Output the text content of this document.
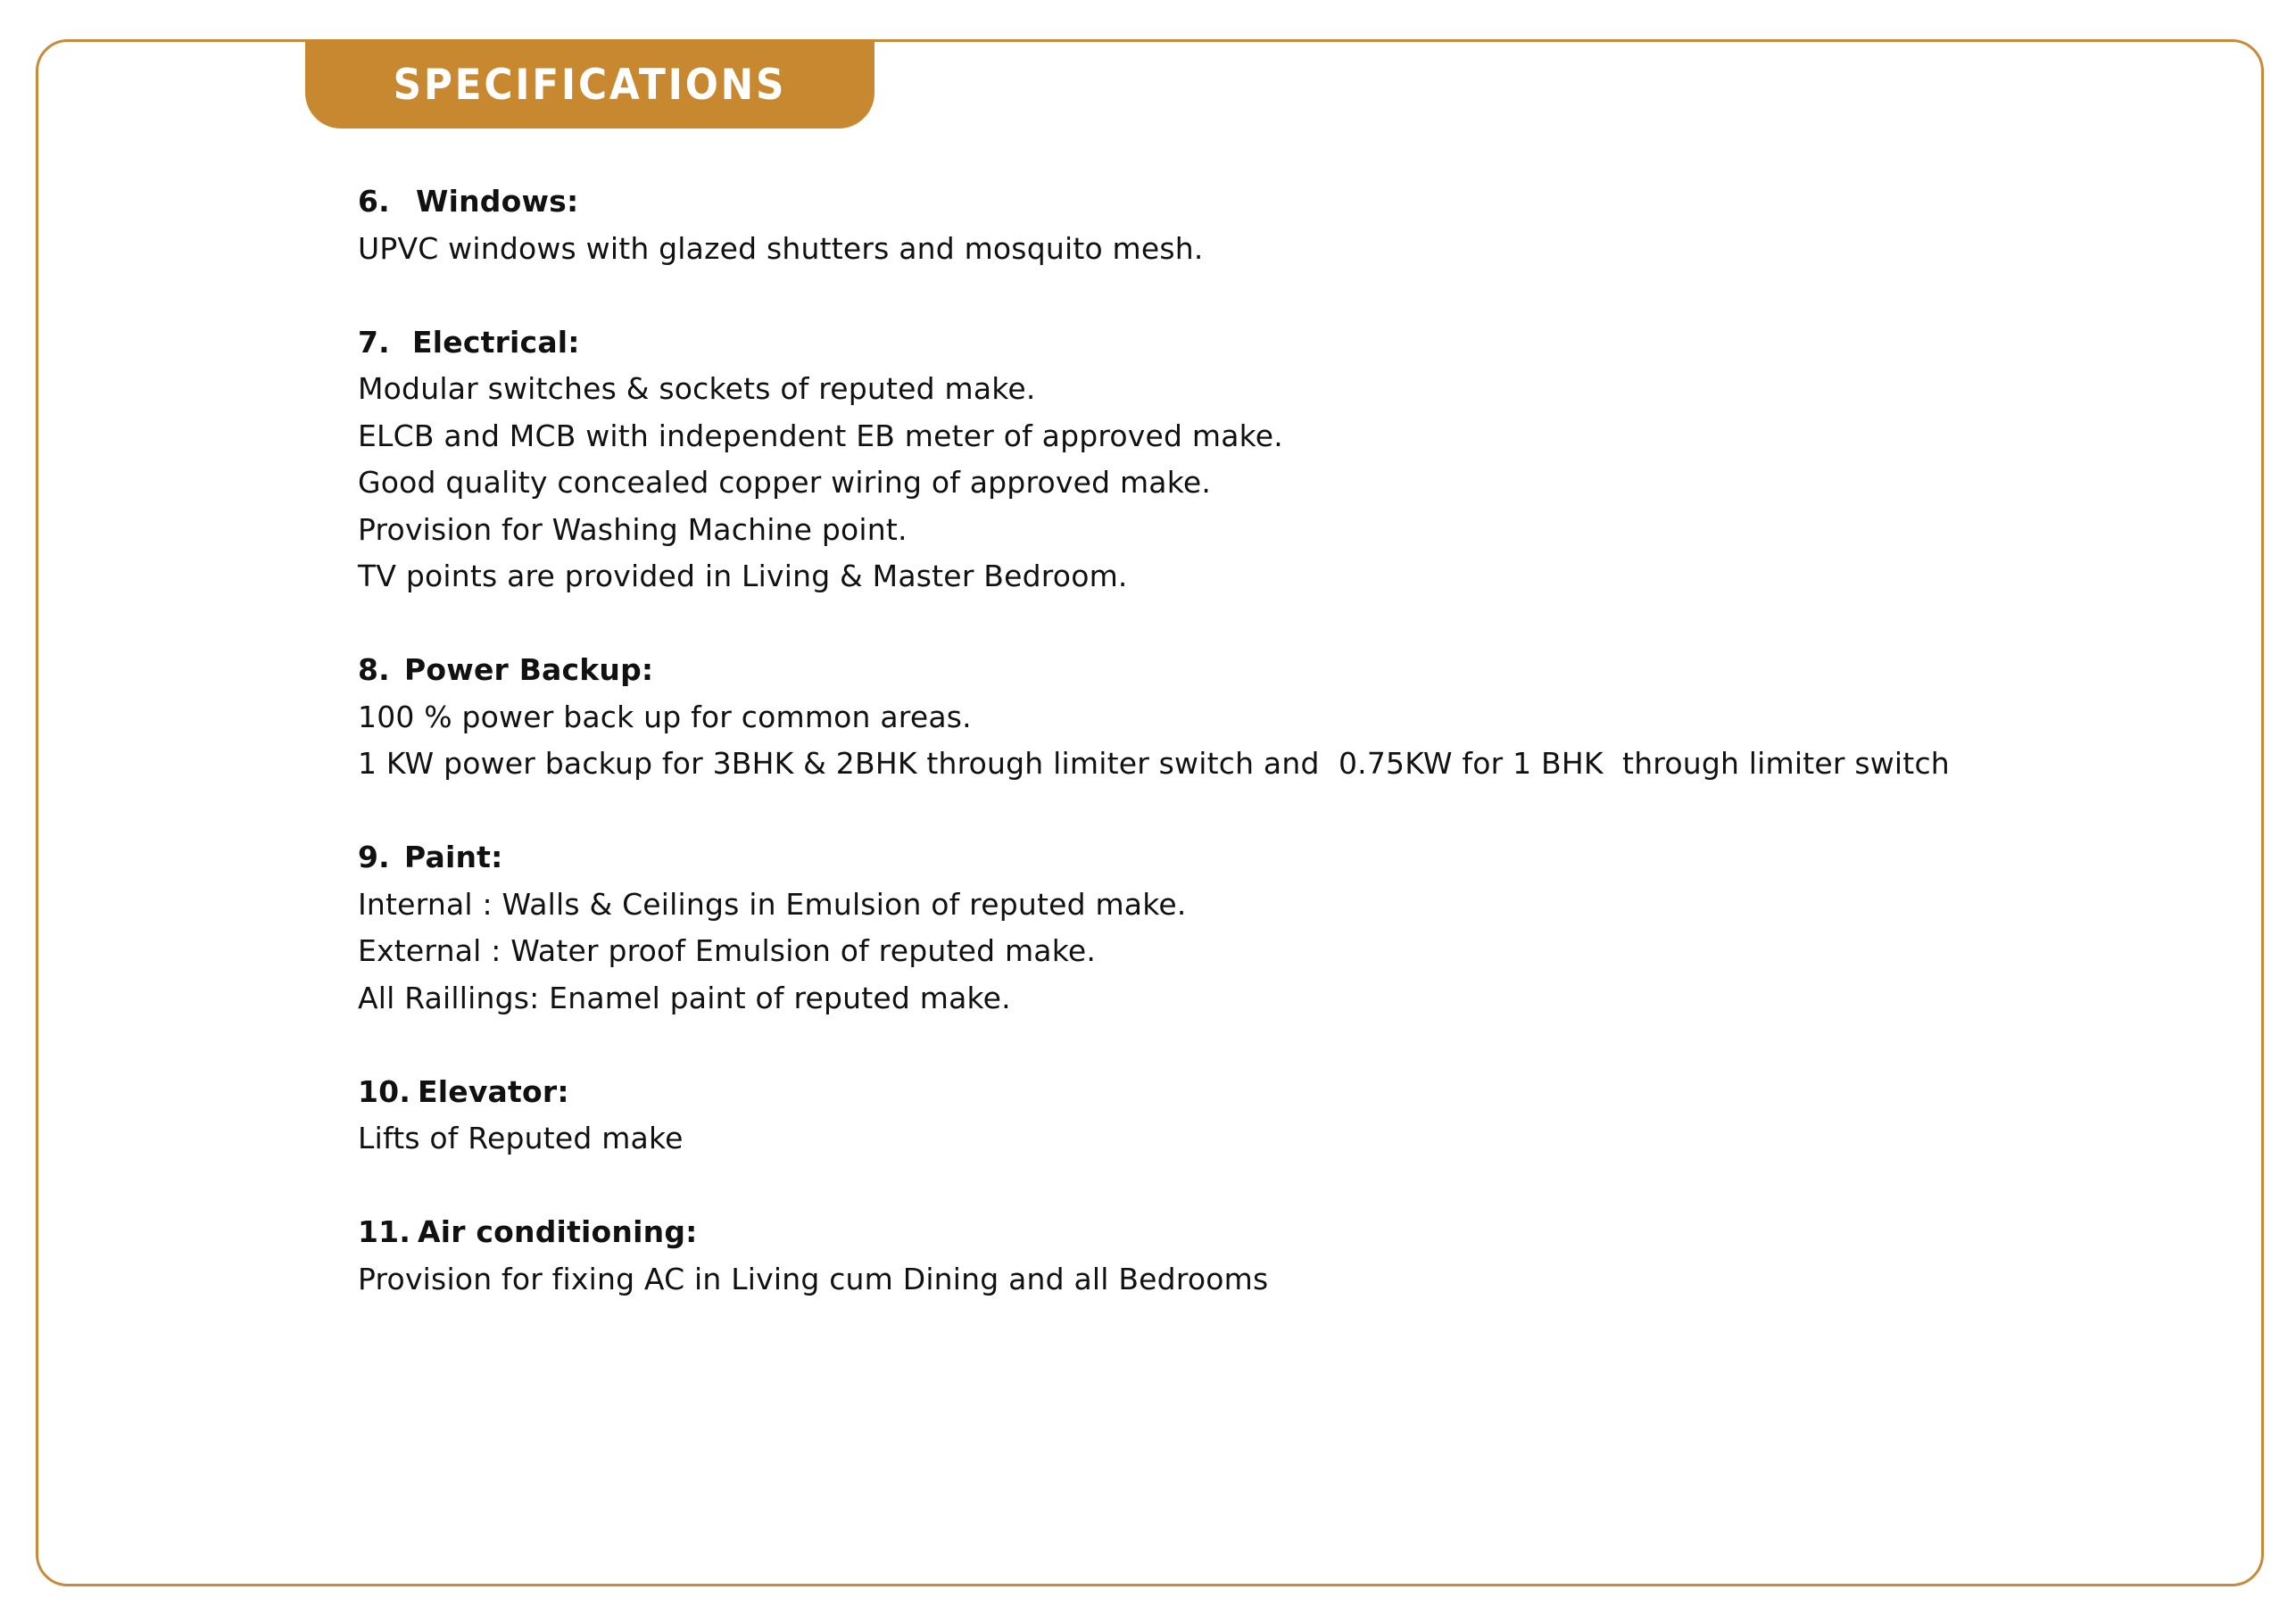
SPECIFICATIONS
6. Windows:
UPVC windows with glazed shutters and mosquito mesh.
7. Electrical:
Modular switches & sockets of reputed make.
ELCB and MCB with independent EB meter of approved make.
Good quality concealed copper wiring of approved make.
Provision for Washing Machine point.
TV points are provided in Living & Master Bedroom.
8. Power Backup:
100 % power back up for common areas.
1 KW power backup for 3BHK & 2BHK through limiter switch and  0.75KW for 1 BHK  through limiter switch
9. Paint:
Internal : Walls & Ceilings in Emulsion of reputed make.
External : Water proof Emulsion of reputed make.
All Raillings: Enamel paint of reputed make.
10. Elevator:
Lifts of Reputed make
11. Air conditioning:
Provision for fixing AC in Living cum Dining and all Bedrooms
